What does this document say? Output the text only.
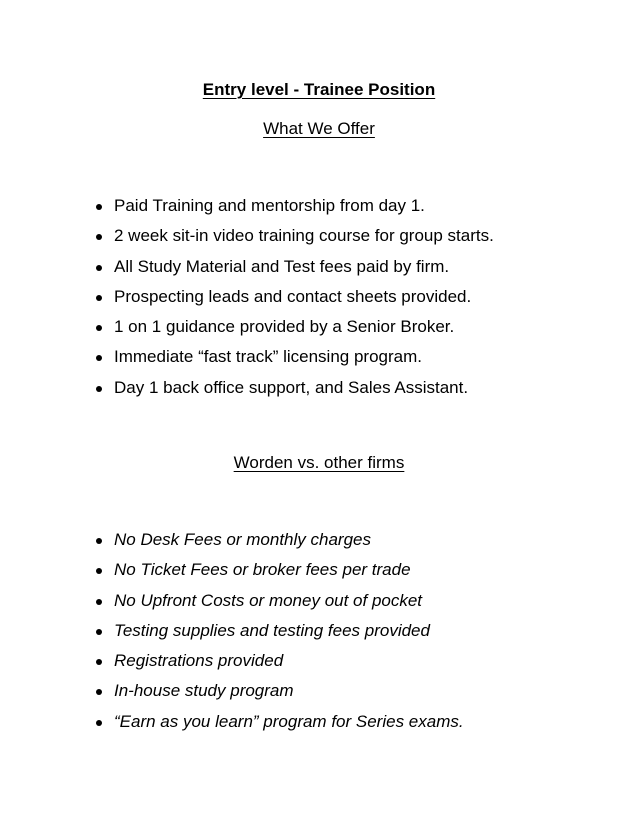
Entry level - Trainee Position
What We Offer
Paid Training and mentorship from day 1.
2 week sit-in video training course for group starts.
All Study Material and Test fees paid by firm.
Prospecting leads and contact sheets provided.
1 on 1 guidance provided by a Senior Broker.
Immediate “fast track” licensing program.
Day 1 back office support, and Sales Assistant.
Worden vs. other firms
No Desk Fees or monthly charges
No Ticket Fees or broker fees per trade
No Upfront Costs or money out of pocket
Testing supplies and testing fees provided
Registrations provided
In-house study program
“Earn as you learn” program for Series exams.
